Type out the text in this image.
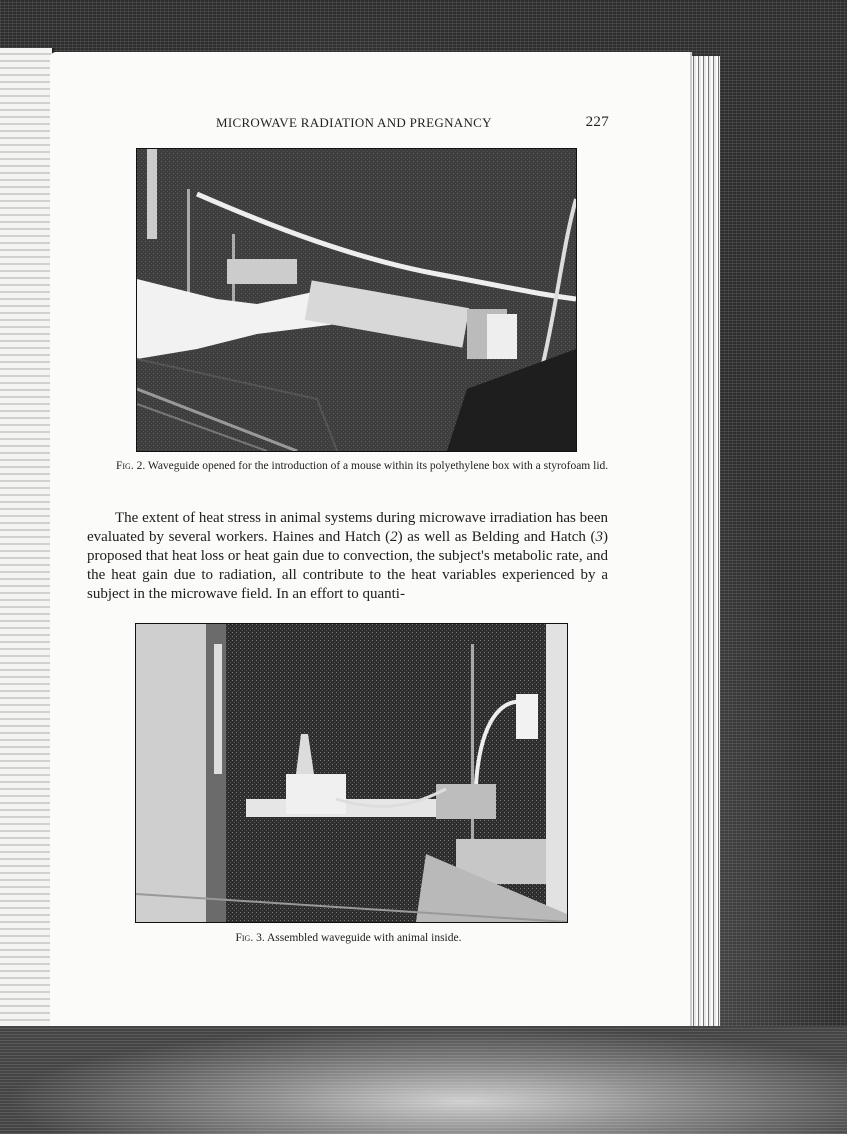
MICROWAVE RADIATION AND PREGNANCY	227
Fig. 2. Waveguide opened for the introduction of a mouse within its polyethylene box with a styrofoam lid.

The extent of heat stress in animal systems during microwave irradiation has been evaluated by several workers. Haines and Hatch (2) as well as Belding and Hatch (3) proposed that heat loss or heat gain due to convection, the subject's metabolic rate, and the heat gain due to radiation, all contribute to the heat variables experienced by a subject in the microwave field. In an effort to quanti-

Fig. 3. Assembled waveguide with animal inside.
